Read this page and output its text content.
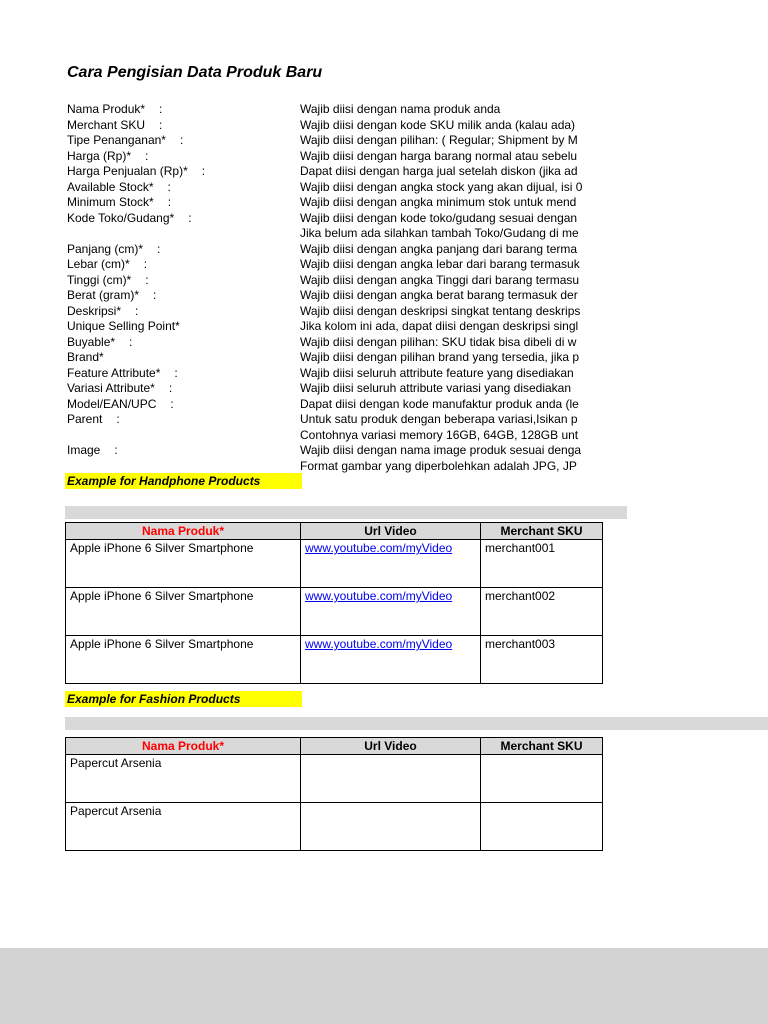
Cara Pengisian Data Produk Baru
Nama Produk* :	Wajib diisi dengan nama produk anda
Merchant SKU :	Wajib diisi dengan kode SKU milik anda (kalau ada)
Tipe Penanganan* :	Wajib diisi dengan pilihan: ( Regular; Shipment by M
Harga (Rp)* :	Wajib diisi dengan harga barang normal atau sebelu
Harga Penjualan (Rp)* :	Dapat diisi dengan harga jual setelah diskon (jika ad
Available Stock* :	Wajib diisi dengan angka stock yang akan dijual, isi 0
Minimum Stock* :	Wajib diisi dengan angka minimum stok untuk mend
Kode Toko/Gudang* :	Wajib diisi dengan kode toko/gudang sesuai dengan
Jika belum ada silahkan tambah Toko/Gudang di me
Panjang (cm)* :	Wajib diisi dengan angka panjang dari barang terma
Lebar (cm)* :	Wajib diisi dengan angka lebar dari barang termasuk
Tinggi (cm)* :	Wajib diisi dengan angka Tinggi dari barang termasu
Berat (gram)* :	Wajib diisi dengan angka berat barang termasuk der
Deskripsi* :	Wajib diisi dengan deskripsi singkat tentang deskrips
Unique Selling Point*	Jika kolom ini ada, dapat diisi dengan deskripsi singl
Buyable* :	Wajib diisi dengan pilihan: SKU tidak bisa dibeli di w
Brand*	Wajib diisi dengan pilihan brand yang tersedia, jika p
Feature Attribute* :	Wajib diisi seluruh attribute feature yang disediakan
Variasi Attribute* :	Wajib diisi seluruh attribute variasi yang disediakan
Model/EAN/UPC :	Dapat diisi dengan kode manufaktur produk anda (le
Parent :	Untuk satu produk dengan beberapa variasi,Isikan p
Contohnya variasi memory 16GB, 64GB, 128GB unt
Image :	Wajib diisi dengan nama image produk sesuai denga
Format gambar yang diperbolehkan adalah JPG, JP
Example for Handphone Products
Nama Produk*	Url Video	Merchant SKU
Apple iPhone 6 Silver Smartphone	www.youtube.com/myVideo	merchant001
Apple iPhone 6 Silver Smartphone	www.youtube.com/myVideo	merchant002
Apple iPhone 6 Silver Smartphone	www.youtube.com/myVideo	merchant003
Example for Fashion Products
Nama Produk*	Url Video	Merchant SKU
Papercut Arsenia		
Papercut Arsenia		
